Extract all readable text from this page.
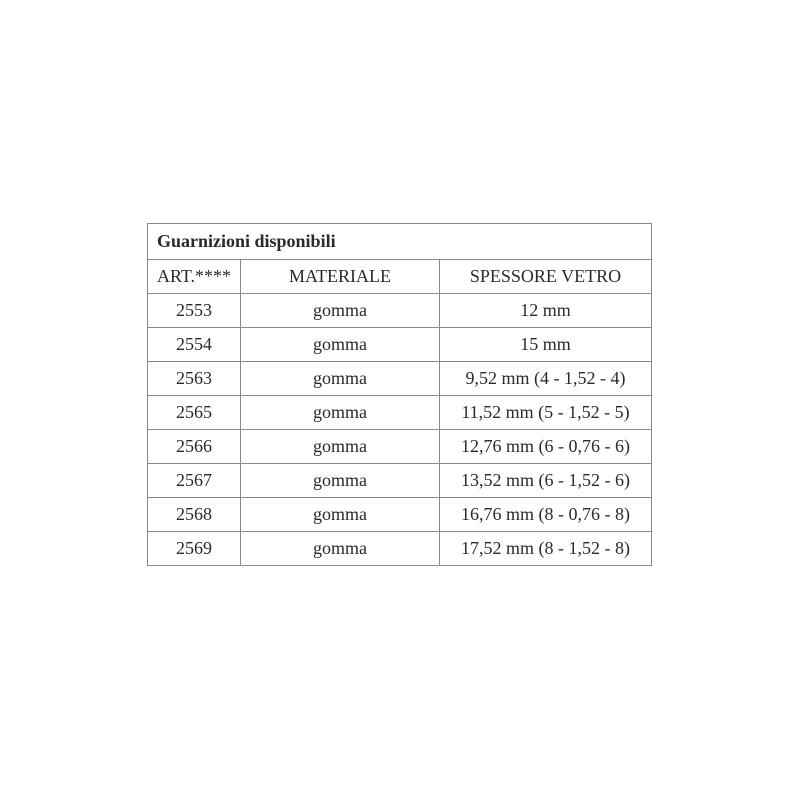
Guarnizioni disponibili		
ART.****	MATERIALE	SPESSORE VETRO
2553	gomma	12 mm
2554	gomma	15 mm
2563	gomma	9,52 mm (4 - 1,52 - 4)
2565	gomma	11,52 mm (5 - 1,52 - 5)
2566	gomma	12,76 mm (6 - 0,76 - 6)
2567	gomma	13,52 mm (6 - 1,52 - 6)
2568	gomma	16,76 mm (8 - 0,76 - 8)
2569	gomma	17,52 mm (8 - 1,52 - 8)
